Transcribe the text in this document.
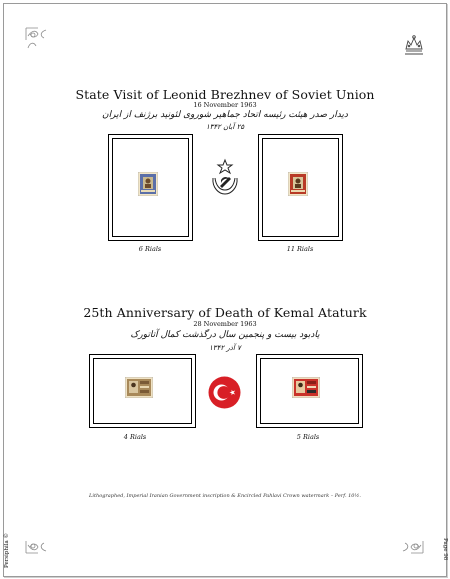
State Visit of Leonid Brezhnev of Soviet Union
16 November 1963
دیدار صدر هیئت رئیسه اتحاد جماهیر شوروی لئونید برژنف از ایران
۲۵ آبان ۱۳۴۲
6 Rials	11 Rials
25th Anniversary of Death of Kemal Ataturk
28 November 1963
یادبود بیست و پنجمین سال درگذشت کمال آتاتورک
۷ آذر ۱۳۴۲
4 Rials	5 Rials
Lithographed, Imperial Iranian Government inscription & Encircled Pahlavi Crown watermark – Perf. 10½.
Persiphila ©	Page 98
